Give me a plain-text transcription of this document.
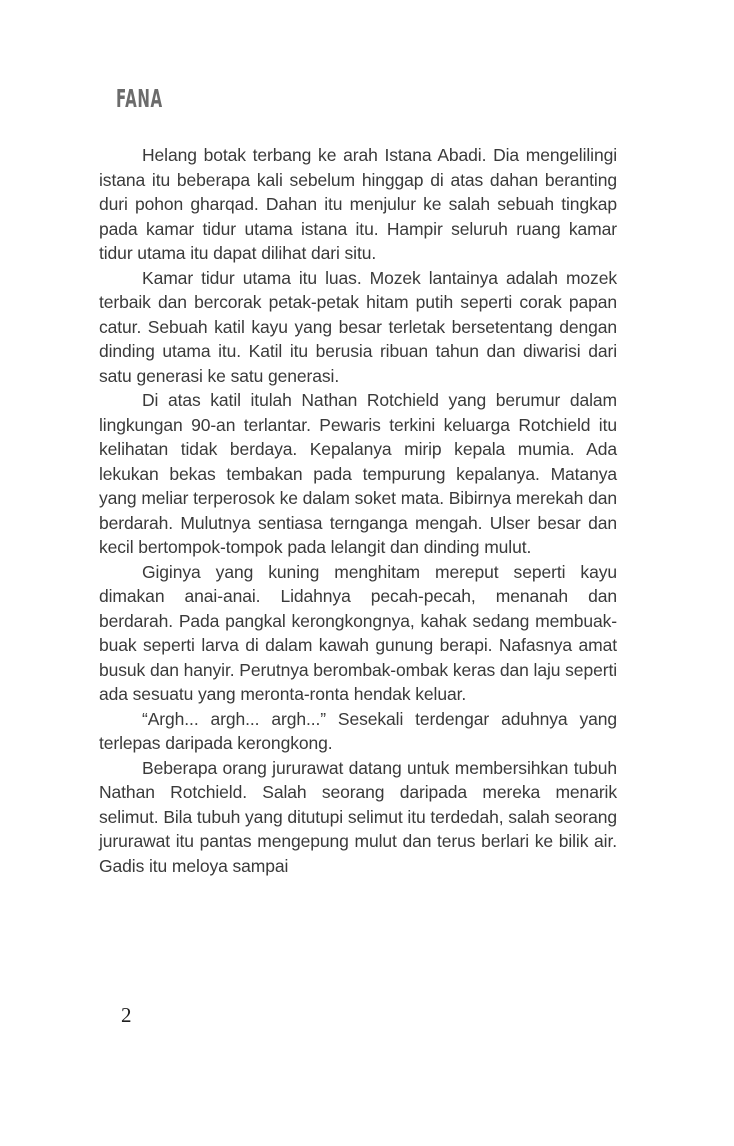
FANA

Helang botak terbang ke arah Istana Abadi. Dia mengelilingi istana itu beberapa kali sebelum hinggap di atas dahan beranting duri pohon gharqad. Dahan itu menjulur ke salah sebuah tingkap pada kamar tidur utama istana itu. Hampir seluruh ruang kamar tidur utama itu dapat dilihat dari situ.

Kamar tidur utama itu luas. Mozek lantainya adalah mozek terbaik dan bercorak petak-petak hitam putih seperti corak papan catur. Sebuah katil kayu yang besar terletak bersetentang dengan dinding utama itu. Katil itu berusia ribuan tahun dan diwarisi dari satu generasi ke satu generasi.

Di atas katil itulah Nathan Rotchield yang berumur dalam lingkungan 90-an terlantar. Pewaris terkini keluarga Rotchield itu kelihatan tidak berdaya. Kepalanya mirip kepala mumia. Ada lekukan bekas tembakan pada tempurung kepalanya. Matanya yang meliar terperosok ke dalam soket mata. Bibirnya merekah dan berdarah. Mulutnya sentiasa ternganga mengah. Ulser besar dan kecil bertompok-tompok pada lelangit dan dinding mulut.

Giginya yang kuning menghitam mereput seperti kayu dimakan anai-anai. Lidahnya pecah-pecah, menanah dan berdarah. Pada pangkal kerongkongnya, kahak sedang membuak-buak seperti larva di dalam kawah gunung berapi. Nafasnya amat busuk dan hanyir. Perutnya berombak-ombak keras dan laju seperti ada sesuatu yang meronta-ronta hendak keluar.

“Argh... argh... argh...” Sesekali terdengar aduhnya yang terlepas daripada kerongkong.

Beberapa orang jururawat datang untuk membersihkan tubuh Nathan Rotchield. Salah seorang daripada mereka menarik selimut. Bila tubuh yang ditutupi selimut itu terdedah, salah seorang jururawat itu pantas mengepung mulut dan terus berlari ke bilik air. Gadis itu meloya sampai

2
